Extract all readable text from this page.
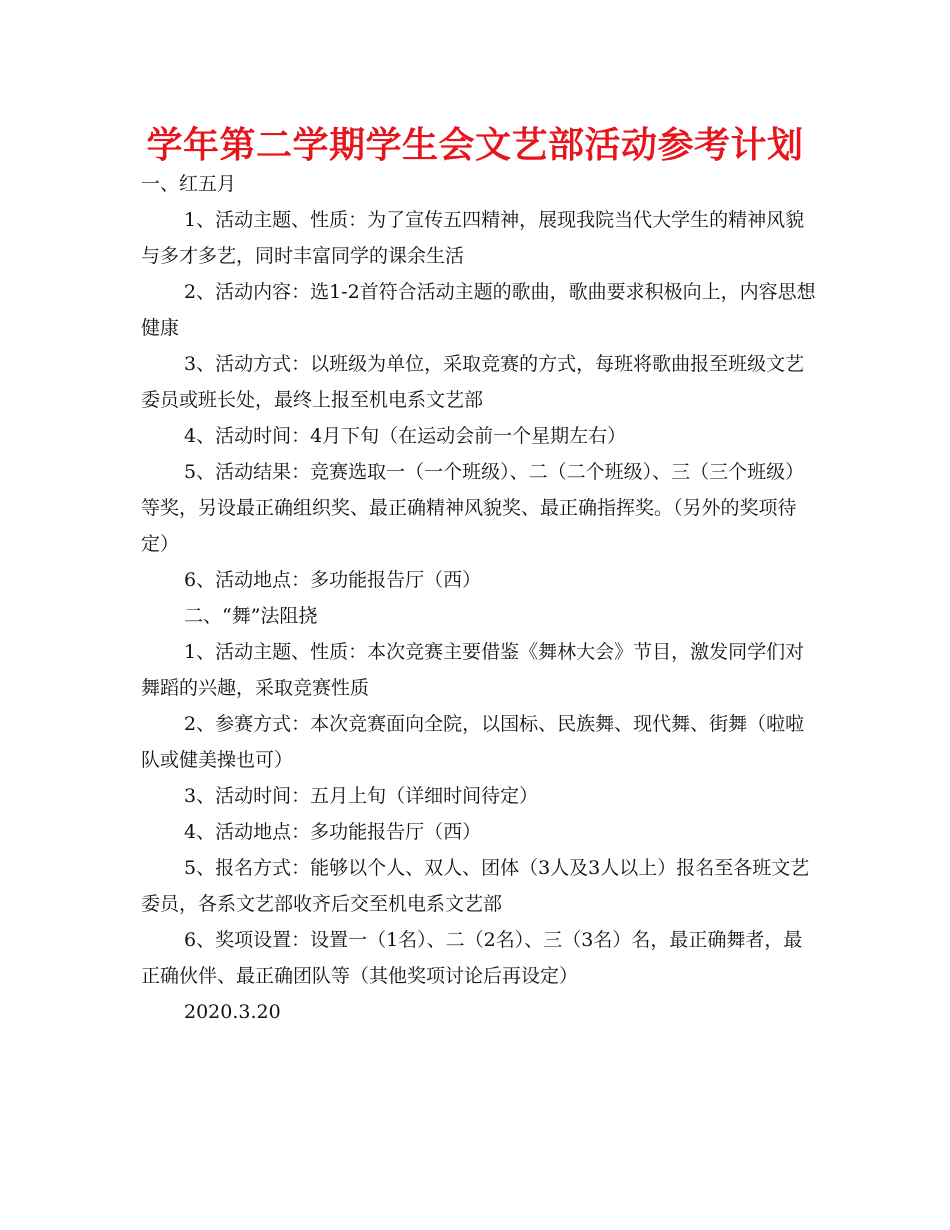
学年第二学期学生会文艺部活动参考计划

一、红五月

1、活动主题、性质：为了宣传五四精神，展现我院当代大学生的精神风貌与多才多艺，同时丰富同学的课余生活

2、活动内容：选1-2首符合活动主题的歌曲，歌曲要求积极向上，内容思想健康

3、活动方式：以班级为单位，采取竞赛的方式，每班将歌曲报至班级文艺委员或班长处，最终上报至机电系文艺部

4、活动时间：4月下旬（在运动会前一个星期左右）

5、活动结果：竞赛选取一（一个班级）、二（二个班级）、三（三个班级）等奖，另设最正确组织奖、最正确精神风貌奖、最正确指挥奖。（另外的奖项待定）

6、活动地点：多功能报告厅（西）

二、“舞”法阻挠

1、活动主题、性质：本次竞赛主要借鉴《舞林大会》节目，激发同学们对舞蹈的兴趣，采取竞赛性质

2、参赛方式：本次竞赛面向全院，以国标、民族舞、现代舞、街舞（啦啦队或健美操也可）

3、活动时间：五月上旬（详细时间待定）

4、活动地点：多功能报告厅（西）

5、报名方式：能够以个人、双人、团体（3人及3人以上）报名至各班文艺委员，各系文艺部收齐后交至机电系文艺部

6、奖项设置：设置一（1名）、二（2名）、三（3名）名，最正确舞者，最正确伙伴、最正确团队等（其他奖项讨论后再设定）

2020.3.20
